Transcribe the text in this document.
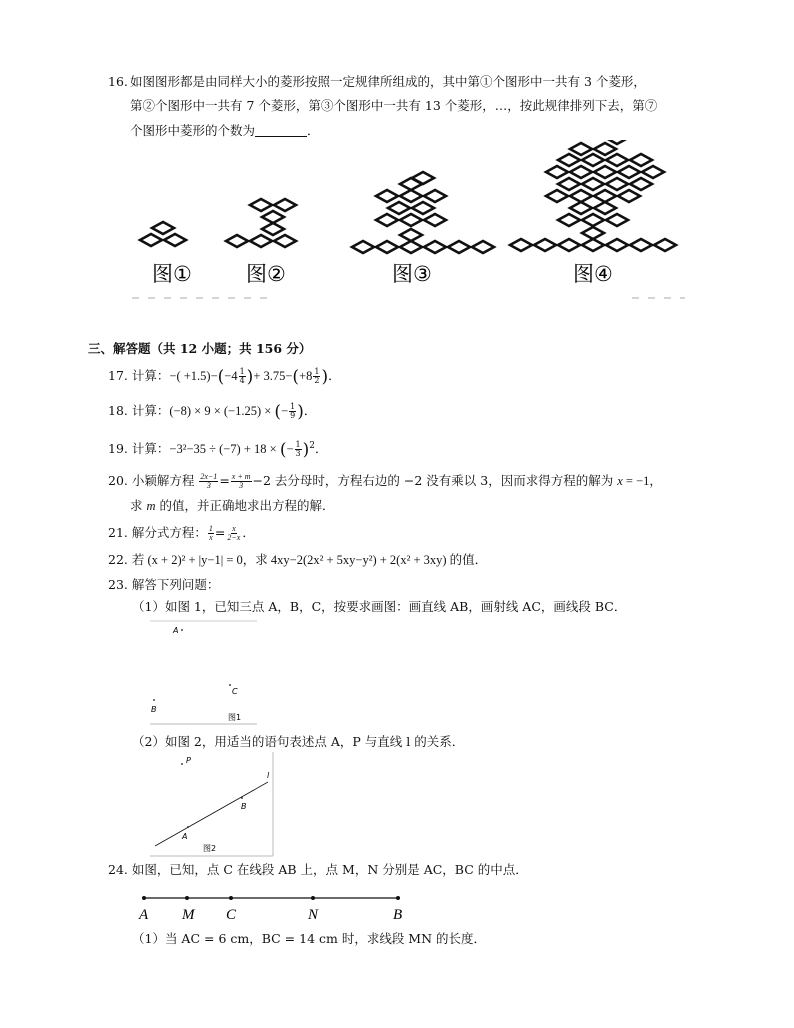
16. 如图图形都是由同样大小的菱形按照一定规律所组成的，其中第①个图形中一共有 3 个菱形，
第②个图形中一共有 7 个菱形，第③个图形中一共有 13 个菱形，…，按此规律排列下去，第⑦
个图形中菱形的个数为	．
图①	图②	图③	图④
三、解答题（共 12 小题；共 156 分）
17. 计算：−( $+1.5)-(-4 \frac{1}{4}$ )+ $3.75-(+8 \frac{1}{2}$ )．
18. 计算：(−8) × 9 × (−1.25) × (− $\frac{1}{9}$ )．
19. 计算：−3²−35 ÷ (−7) + 18 × (− $\frac{1}{3} )^2$．
20. 小颖解方程 $\frac{2x-1}{3} = \frac{x + m}{3} -2$ 去分母时，方程右边的 −2 没有乘以 3，因而求得方程的解为 x = −1，
求 m 的值，并正确地求出方程的解．
21. 解分式方程： $\frac{1}{x} = \frac{x}{2-x}$ ．
22. 若 (x + 2)² + |y−1| = 0，求 4xy−2(2x² + 5xy−y²) + 2(x² + 3xy) 的值．
23. 解答下列问题：
（1）如图 1，已知三点 A，B，C，按要求画图：画直线 AB，画射线 AC，画线段 BC．
A
B
C
图1
（2）如图 2，用适当的语句表述点 A，P 与直线 l 的关系．
P
l
B
A
图2
24. 如图，已知，点 C 在线段 AB 上，点 M，N 分别是 AC，BC 的中点．
A M C	N	B
（1）当 AC = 6 cm，BC = 14 cm 时，求线段 MN 的长度．
